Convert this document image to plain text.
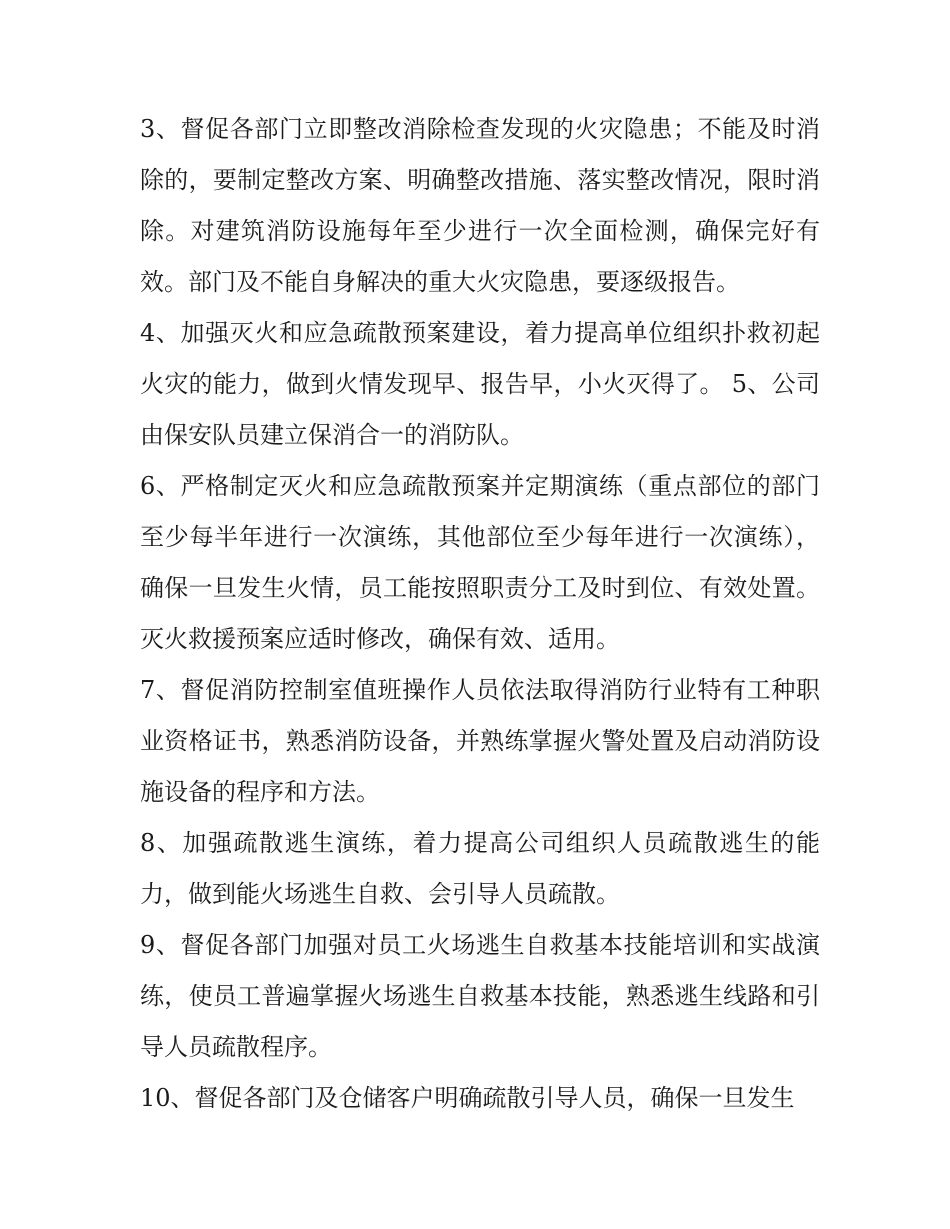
3、督促各部门立即整改消除检查发现的火灾隐患；不能及时消除的，要制定整改方案、明确整改措施、落实整改情况，限时消除。对建筑消防设施每年至少进行一次全面检测，确保完好有效。部门及不能自身解决的重大火灾隐患，要逐级报告。

4、加强灭火和应急疏散预案建设，着力提高单位组织扑救初起火灾的能力，做到火情发现早、报告早，小火灭得了。 5、公司由保安队员建立保消合一的消防队。

6、严格制定灭火和应急疏散预案并定期演练（重点部位的部门至少每半年进行一次演练，其他部位至少每年进行一次演练），确保一旦发生火情，员工能按照职责分工及时到位、有效处置。灭火救援预案应适时修改，确保有效、适用。

7、督促消防控制室值班操作人员依法取得消防行业特有工种职业资格证书，熟悉消防设备，并熟练掌握火警处置及启动消防设施设备的程序和方法。

8、加强疏散逃生演练，着力提高公司组织人员疏散逃生的能力，做到能火场逃生自救、会引导人员疏散。

9、督促各部门加强对员工火场逃生自救基本技能培训和实战演练，使员工普遍掌握火场逃生自救基本技能，熟悉逃生线路和引导人员疏散程序。

10、督促各部门及仓储客户明确疏散引导人员，确保一旦发生
